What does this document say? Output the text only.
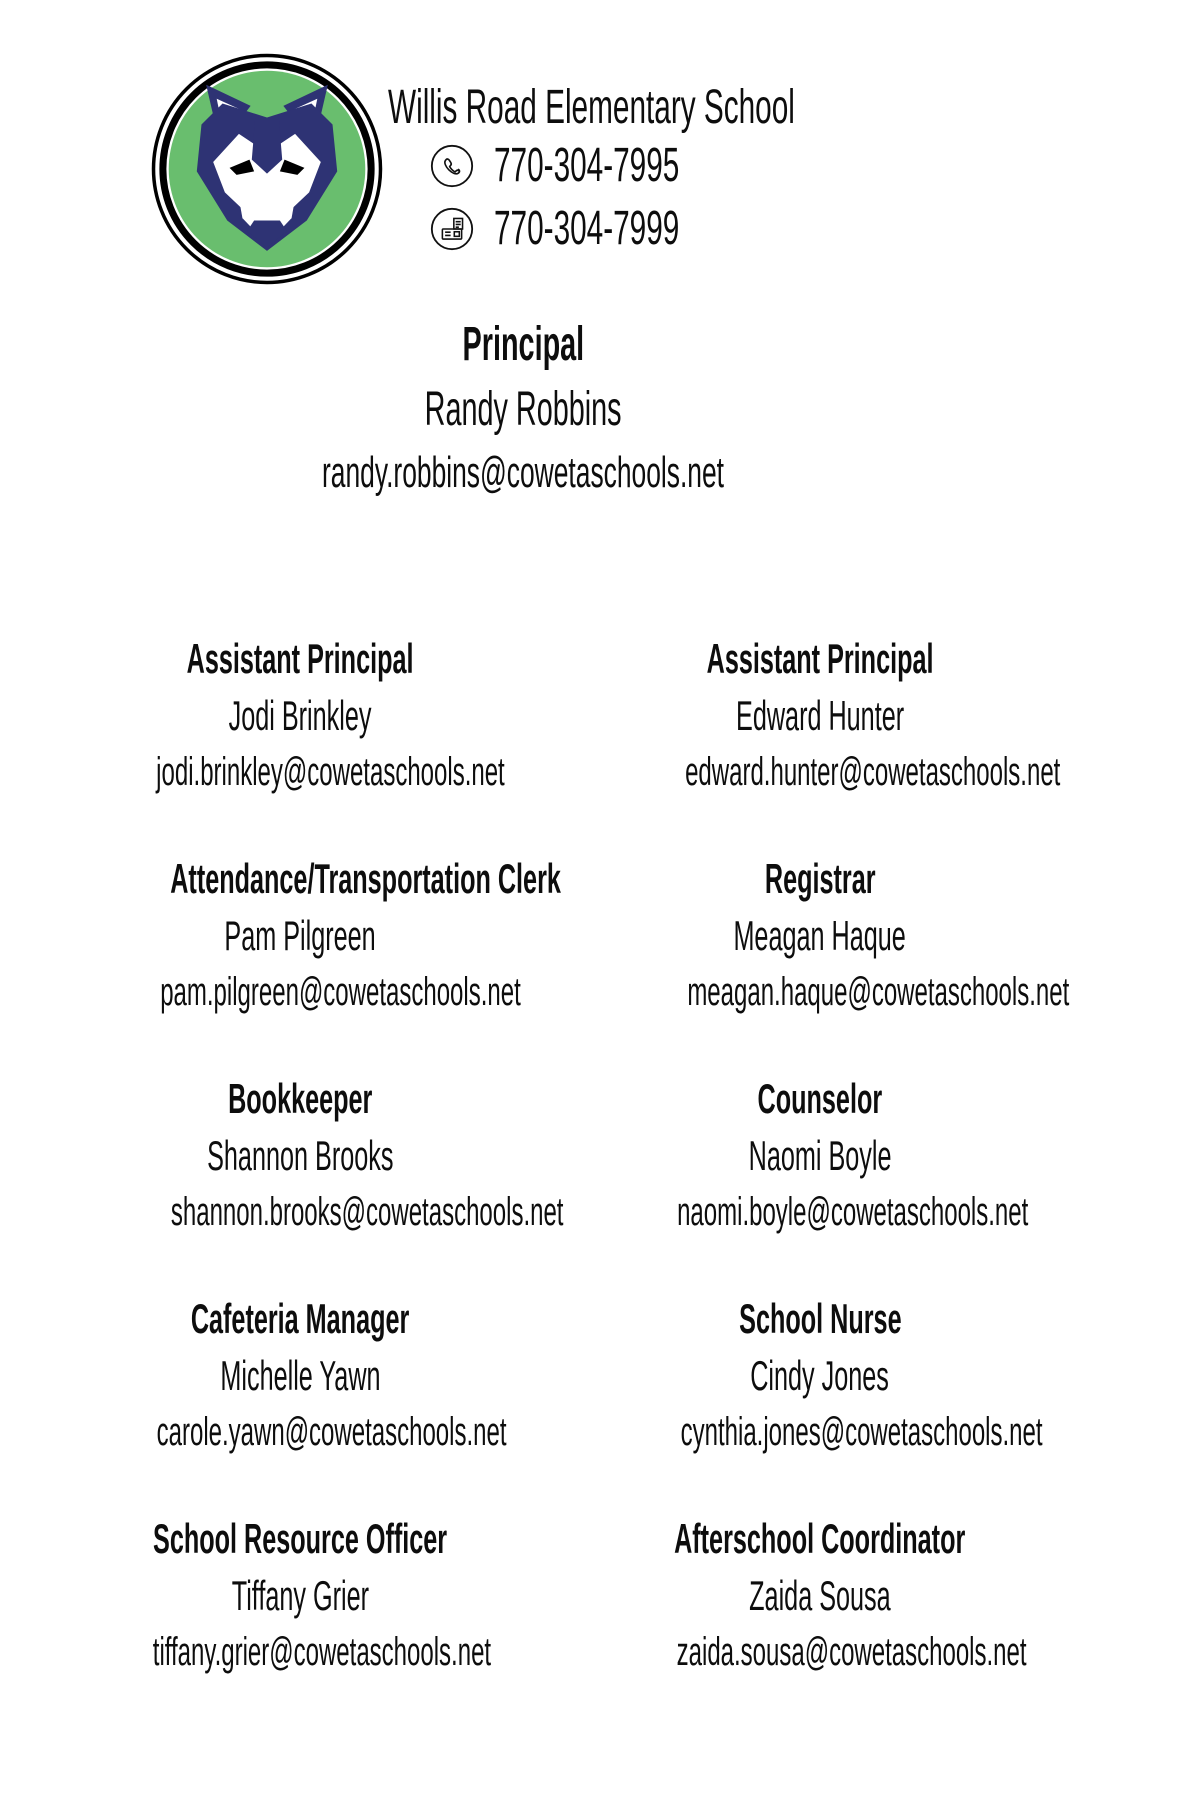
Willis Road Elementary School
770-304-7995
770-304-7999
Principal
Randy Robbins
randy.robbins@cowetaschools.net
Assistant Principal
Jodi Brinkley
jodi.brinkley@cowetaschools.net
Assistant Principal
Edward Hunter
edward.hunter@cowetaschools.net
Attendance/Transportation Clerk
Pam Pilgreen
pam.pilgreen@cowetaschools.net
Registrar
Meagan Haque
meagan.haque@cowetaschools.net
Bookkeeper
Shannon Brooks
shannon.brooks@cowetaschools.net
Counselor
Naomi Boyle
naomi.boyle@cowetaschools.net
Cafeteria Manager
Michelle Yawn
carole.yawn@cowetaschools.net
School Nurse
Cindy Jones
cynthia.jones@cowetaschools.net
School Resource Officer
Tiffany Grier
tiffany.grier@cowetaschools.net
Afterschool Coordinator
Zaida Sousa
zaida.sousa@cowetaschools.net
